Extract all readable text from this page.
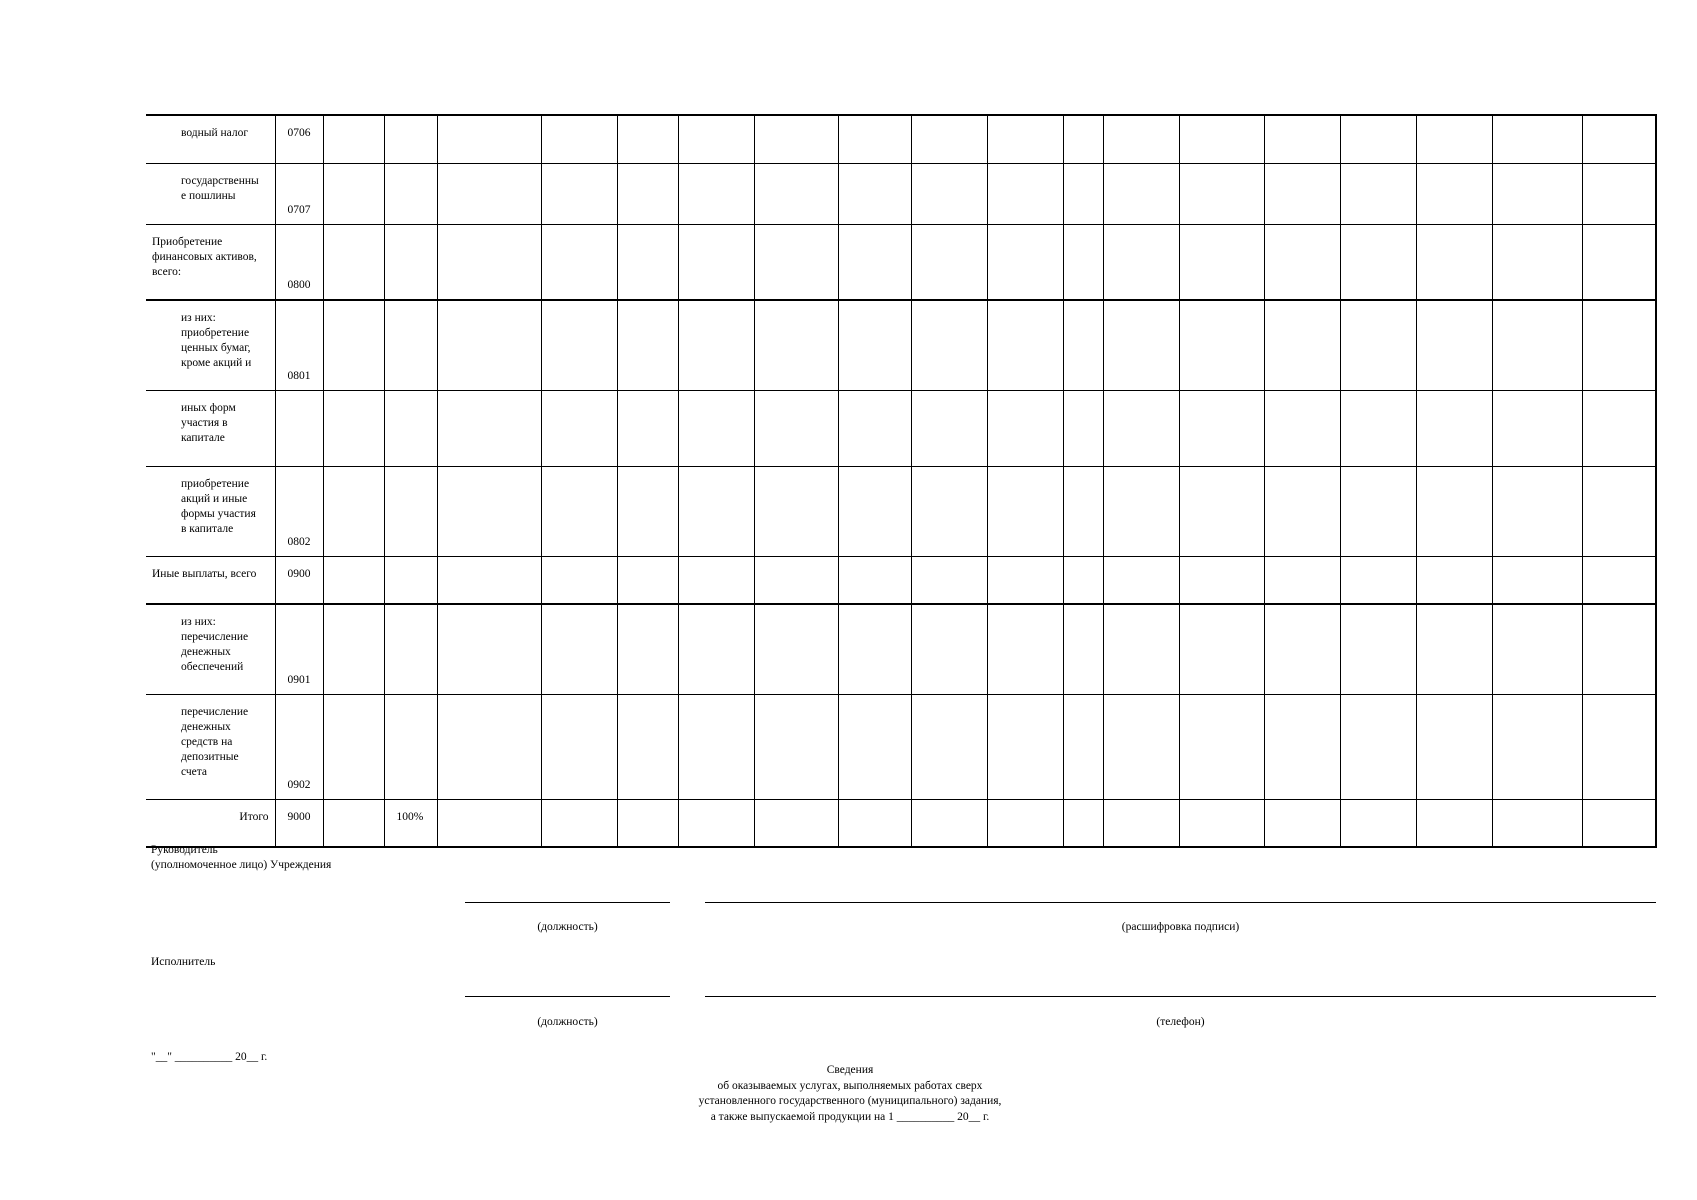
водный налог	0706																		

государственны
е пошлины	0707																		

Приобретение
финансовых активов,
всего:	0800																		

из них:
приобретение
ценных бумаг,
кроме акций и	0801																		

иных форм
участия в
капитале																			

приобретение
акций и иные
формы участия
в капитале	0802																		

Иные выплаты, всего	0900																		

из них:
перечисление
денежных
обеспечений	0901																		

перечисление
денежных
средств на
депозитные
счета	0902																		

Итого	9000		100%																

Руководитель
(уполномоченное лицо) Учреждения
(должность)	(расшифровка подписи)
Исполнитель
(должность)	(телефон)
"__" __________ 20__ г.
Сведения
об оказываемых услугах, выполняемых работах сверх
установленного государственного (муниципального) задания,
а также выпускаемой продукции на 1 __________ 20__ г.
